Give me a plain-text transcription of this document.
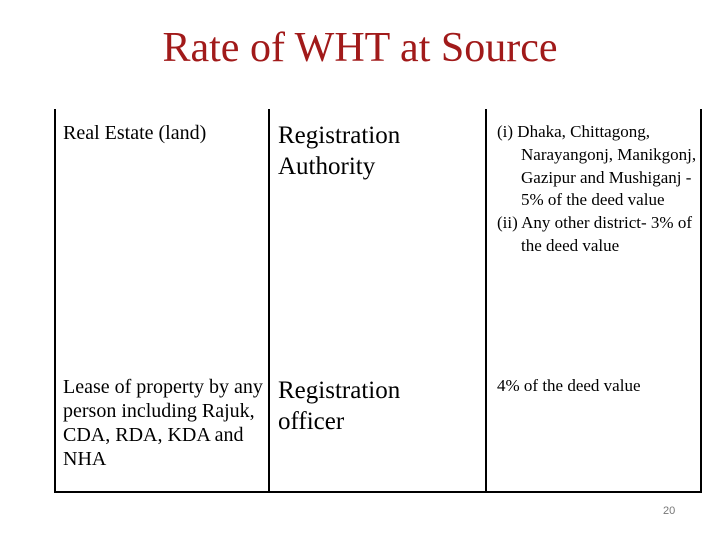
Rate of WHT at Source
Real Estate (land)	Registration Authority

(i) Dhaka, Chittagong, Narayangonj, Manikgonj, Gazipur and Mushiganj - 5% of the deed value

(ii) Any other district- 3% of the deed value

Lease of property by any person including Rajuk, CDA, RDA, KDA and NHA
Registration officer

4% of the deed value

20
